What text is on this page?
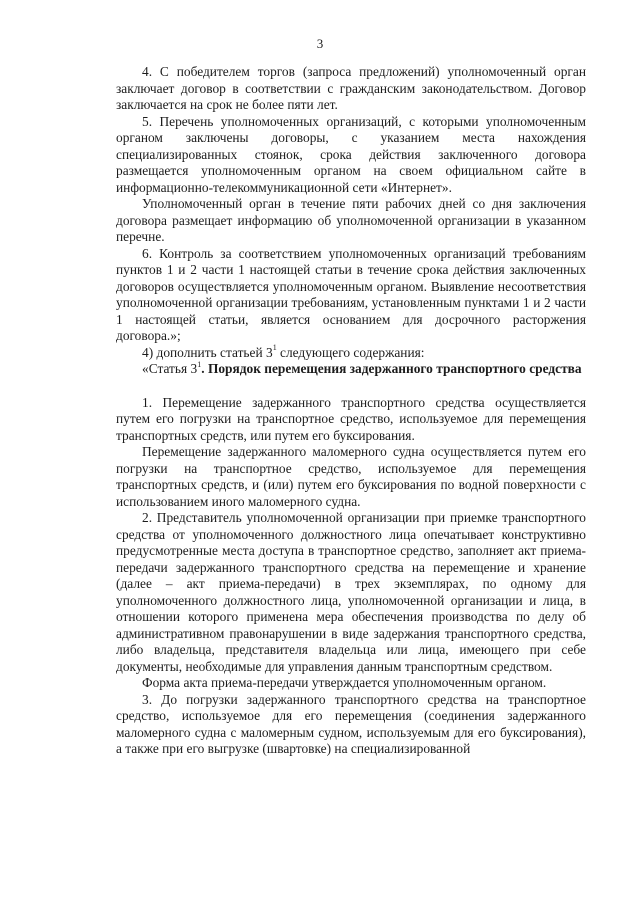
3

4. С победителем торгов (запроса предложений) уполномоченный орган заключает договор в соответствии с гражданским законодательством. Договор заключается на срок не более пяти лет.

5. Перечень уполномоченных организаций, с которыми уполномоченным органом заключены договоры, с указанием места нахождения специализированных стоянок, срока действия заключенного договора размещается уполномоченным органом на своем официальном сайте в информационно-телекоммуникационной сети «Интернет».

Уполномоченный орган в течение пяти рабочих дней со дня заключения договора размещает информацию об уполномоченной организации в указанном перечне.

6. Контроль за соответствием уполномоченных организаций требованиям пунктов 1 и 2 части 1 настоящей статьи в течение срока действия заключенных договоров осуществляется уполномоченным органом. Выявление несоответствия уполномоченной организации требованиям, установленным пунктами 1 и 2 части 1 настоящей статьи, является основанием для досрочного расторжения договора.»;

4) дополнить статьей $3^1$ следующего содержания:

«Статья $3^1$. Порядок перемещения задержанного транспортного средства

1. Перемещение задержанного транспортного средства осуществляется путем его погрузки на транспортное средство, используемое для перемещения транспортных средств, или путем его буксирования.

Перемещение задержанного маломерного судна осуществляется путем его погрузки на транспортное средство, используемое для перемещения транспортных средств, и (или) путем его буксирования по водной поверхности с использованием иного маломерного судна.

2. Представитель уполномоченной организации при приемке транспортного средства от уполномоченного должностного лица опечатывает конструктивно предусмотренные места доступа в транспортное средство, заполняет акт приема-передачи задержанного транспортного средства на перемещение и хранение (далее – акт приема-передачи) в трех экземплярах, по одному для уполномоченного должностного лица, уполномоченной организации и лица, в отношении которого применена мера обеспечения производства по делу об административном правонарушении в виде задержания транспортного средства, либо владельца, представителя владельца или лица, имеющего при себе документы, необходимые для управления данным транспортным средством.

Форма акта приема-передачи утверждается уполномоченным органом.

3. До погрузки задержанного транспортного средства на транспортное средство, используемое для его перемещения (соединения задержанного маломерного судна с маломерным судном, используемым для его буксирования), а также при его выгрузке (швартовке) на специализированной
